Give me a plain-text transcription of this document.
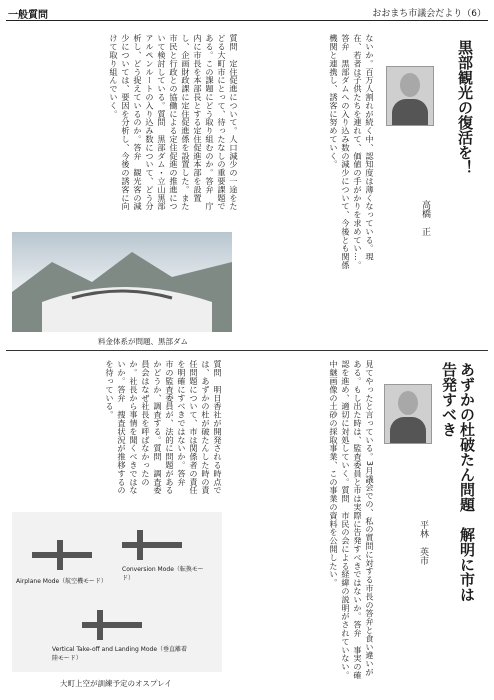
一般質問	おおまち市議会だより（6）
黒部観光の復活を！
高橋　正
ないか。百万人割れが続く中、認知度は薄くなっている。現在、若者は子供たちを連れて、価値の手がかりを求めてい…。答弁　黒部ダムへの入り込み数の減少について、今後とも関係機関と連携し、誘客に努めていく。
質問　定住促進について。人口減少の一途をたどる大町市にとって、待ったなしの重要課題である。この課題にどう取り組むのか。答弁　庁内に市長を本部長とする定住促進本部を設置し、企画財政課に定住促進係を設置した。また市民と行政との協働による定住促進の推進について検討している。質問　黒部ダム・立山黒部アルペンルートの入り込み数について、どう分析し、どう捉えているのか。答弁　観光客の減少については、要因を分析し、今後の誘客に向けて取り組んでいく。
料金体系が問題、黒部ダム
あずかの杜破たん問題　解明に市は告発すべき
平林　英市
見てやったと言っている。3月議会での、私の質問に対する市長の答弁と食い違いがある。もし出た時は、監査委員と市は実際に告発すべきではないか。答弁　事実の確認を進め、適切に対処していく。質問　市民の会による経緯の説明がされていない。中継画像の土砂の採取事業、この事業の資料を公開したい。
質問　明日香社が開発される時点では、あずかの杜が破たんした時の責任問題について、市は関係者の責任を明確にすべきではないか。答弁　市の監査委員が、法的に問題があるかどうか、調査する。質問　調査委員会はなぜ社長を呼ばなかったのか。社長から事情を聞くべきではないか。答弁　捜査状況が推移するのを待っている。
Airplane Mode（航空機モード）
Conversion Mode（転換モード）
Vertical Take-off and Landing Mode（垂直離着陸モード）
大町上空が訓練予定のオスプレイ
